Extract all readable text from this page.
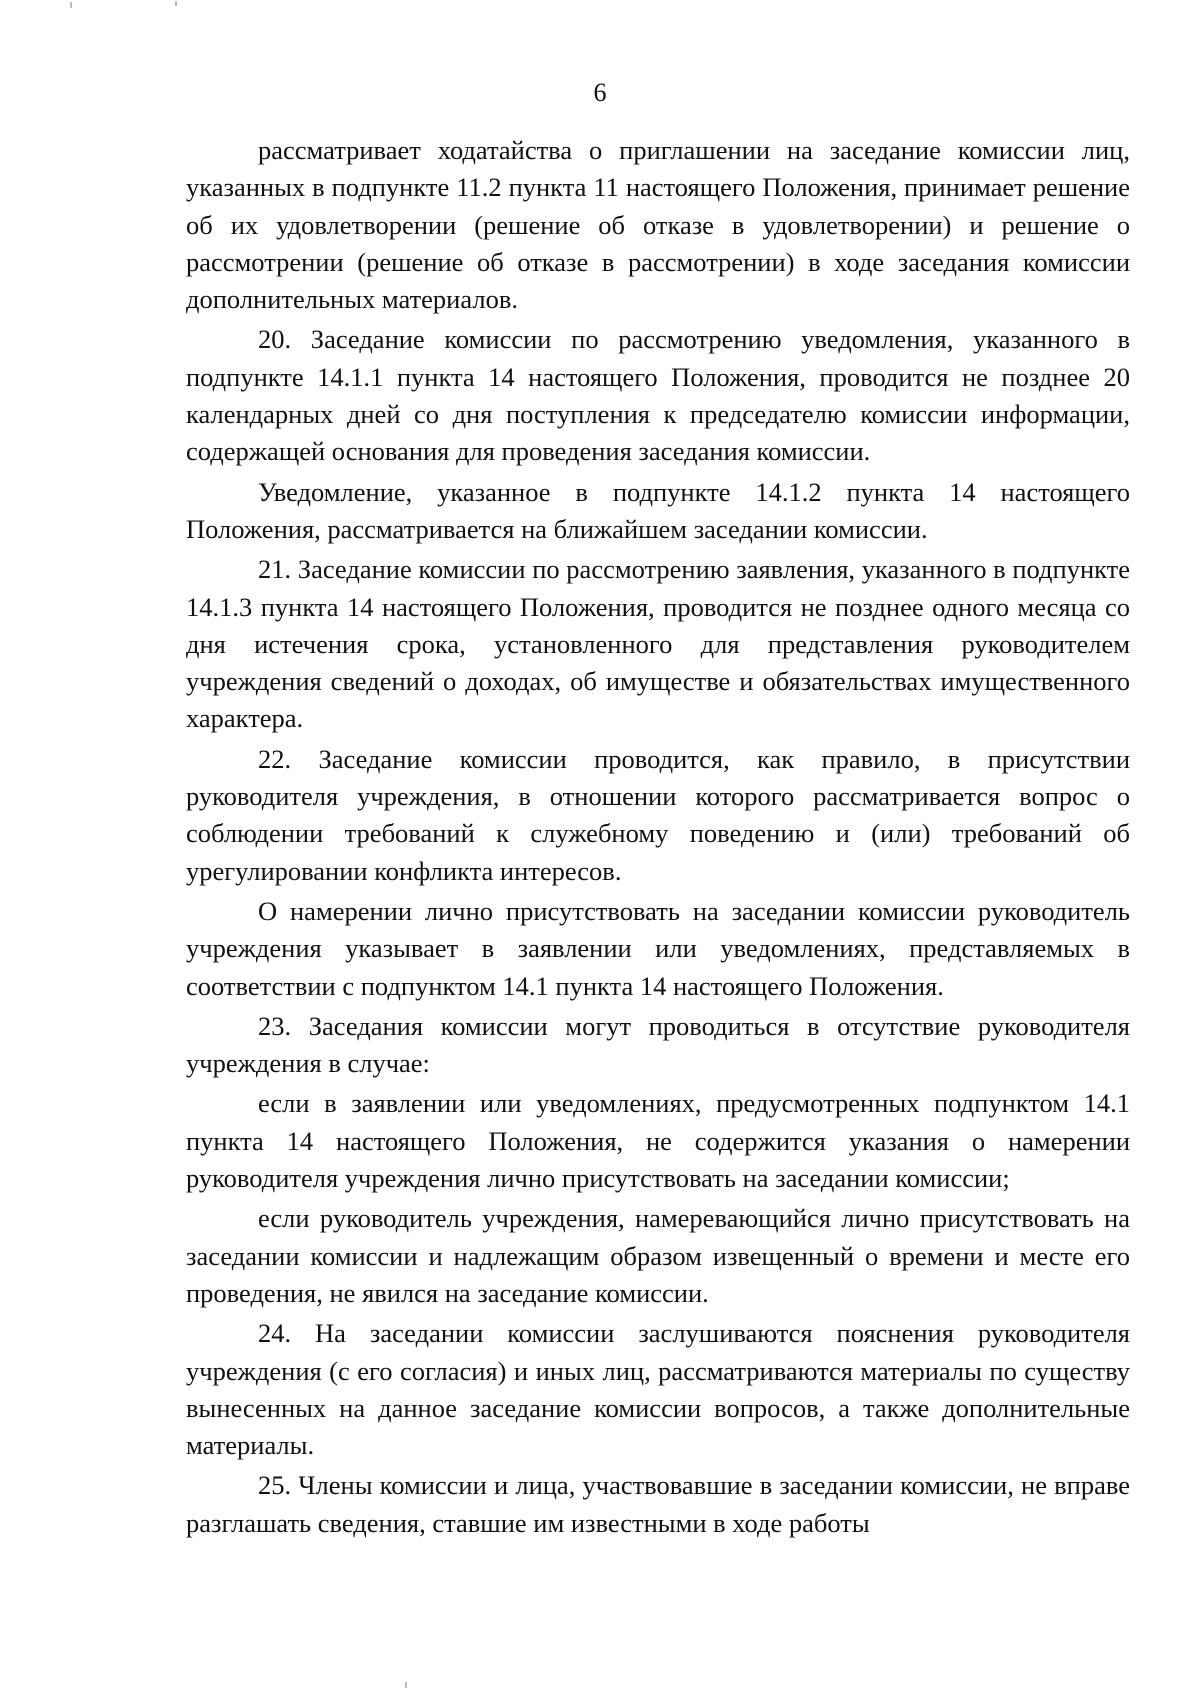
6

рассматривает ходатайства о приглашении на заседание комиссии лиц, указанных в подпункте 11.2 пункта 11 настоящего Положения, принимает решение об их удовлетворении (решение об отказе в удовлетворении) и решение о рассмотрении (решение об отказе в рассмотрении) в ходе заседания комиссии дополнительных материалов.

20. Заседание комиссии по рассмотрению уведомления, указанного в подпункте 14.1.1 пункта 14 настоящего Положения, проводится не позднее 20 календарных дней со дня поступления к председателю комиссии информации, содержащей основания для проведения заседания комиссии.

Уведомление, указанное в подпункте 14.1.2 пункта 14 настоящего Положения, рассматривается на ближайшем заседании комиссии.

21. Заседание комиссии по рассмотрению заявления, указанного в подпункте 14.1.3 пункта 14 настоящего Положения, проводится не позднее одного месяца со дня истечения срока, установленного для представления руководителем учреждения сведений о доходах, об имуществе и обязательствах имущественного характера.

22. Заседание комиссии проводится, как правило, в присутствии руководителя учреждения, в отношении которого рассматривается вопрос о соблюдении требований к служебному поведению и (или) требований об урегулировании конфликта интересов.

О намерении лично присутствовать на заседании комиссии руководитель учреждения указывает в заявлении или уведомлениях, представляемых в соответствии с подпунктом 14.1 пункта 14 настоящего Положения.

23. Заседания комиссии могут проводиться в отсутствие руководителя учреждения в случае:

если в заявлении или уведомлениях, предусмотренных подпунктом 14.1 пункта 14 настоящего Положения, не содержится указания о намерении руководителя учреждения лично присутствовать на заседании комиссии;

если руководитель учреждения, намеревающийся лично присутствовать на заседании комиссии и надлежащим образом извещенный о времени и месте его проведения, не явился на заседание комиссии.

24. На заседании комиссии заслушиваются пояснения руководителя учреждения (с его согласия) и иных лиц, рассматриваются материалы по существу вынесенных на данное заседание комиссии вопросов, а также дополнительные материалы.

25. Члены комиссии и лица, участвовавшие в заседании комиссии, не вправе разглашать сведения, ставшие им известными в ходе работы
